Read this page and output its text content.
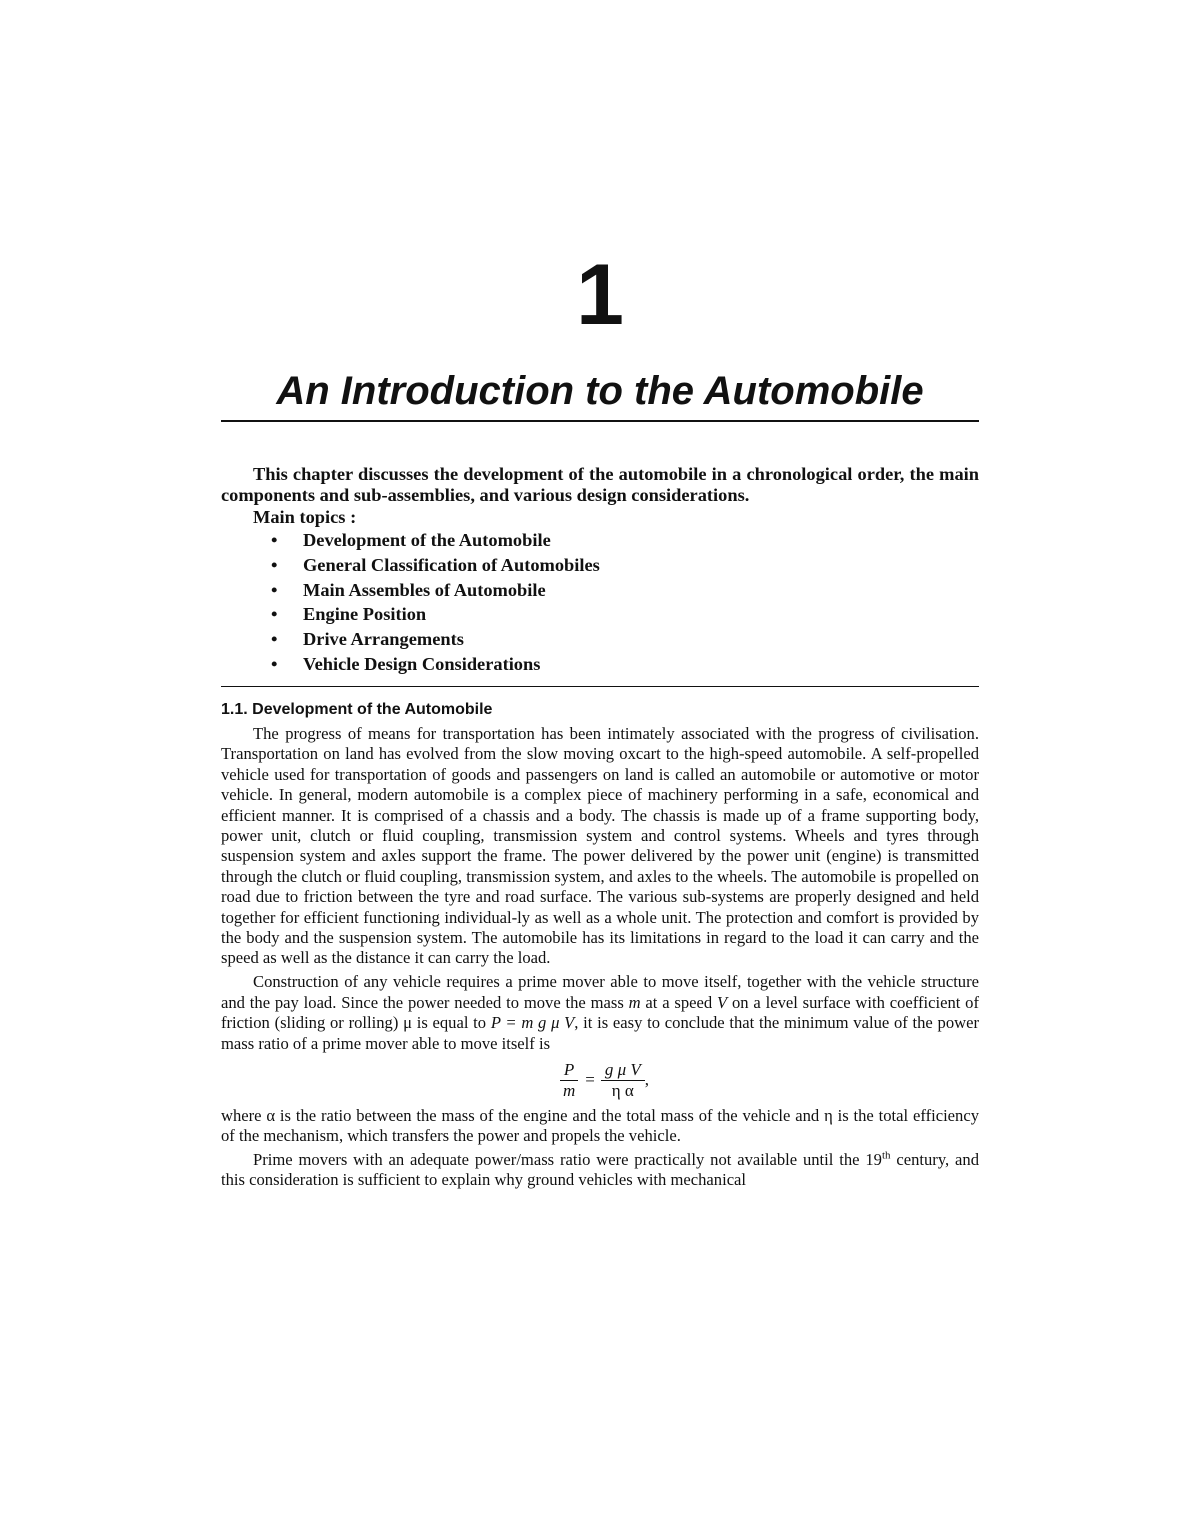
1
An Introduction to the Automobile

This chapter discusses the development of the automobile in a chronological order, the main components and sub-assemblies, and various design considerations.

Main topics :
• Development of the Automobile
• General Classification of Automobiles
• Main Assembles of Automobile
• Engine Position
• Drive Arrangements
• Vehicle Design Considerations
1.1. Development of the Automobile

The progress of means for transportation has been intimately associated with the progress of civilisation. Transportation on land has evolved from the slow moving oxcart to the high-speed automobile. A self-propelled vehicle used for transportation of goods and passengers on land is called an automobile or automotive or motor vehicle. In general, modern automobile is a complex piece of machinery performing in a safe, economical and efficient manner. It is comprised of a chassis and a body. The chassis is made up of a frame supporting body, power unit, clutch or fluid coupling, transmission system and control systems. Wheels and tyres through suspension system and axles support the frame. The power delivered by the power unit (engine) is transmitted through the clutch or fluid coupling, transmission system, and axles to the wheels. The automobile is propelled on road due to friction between the tyre and road surface. The various sub-systems are properly designed and held together for efficient functioning individual-ly as well as a whole unit. The protection and comfort is provided by the body and the suspension system. The automobile has its limitations in regard to the load it can carry and the speed as well as the distance it can carry the load.

Construction of any vehicle requires a prime mover able to move itself, together with the vehicle structure and the pay load. Since the power needed to move the mass m at a speed V on a level surface with coefficient of friction (sliding or rolling) μ is equal to P = m g μ V, it is easy to conclude that the minimum value of the power mass ratio of a prime mover able to move itself is

$\frac{P}{m} = \frac{\text{g μ V}}{\text{η α}}$ ,

where α is the ratio between the mass of the engine and the total mass of the vehicle and η is the total efficiency of the mechanism, which transfers the power and propels the vehicle.

Prime movers with an adequate power/mass ratio were practically not available until the 19th century, and this consideration is sufficient to explain why ground vehicles with mechanical
